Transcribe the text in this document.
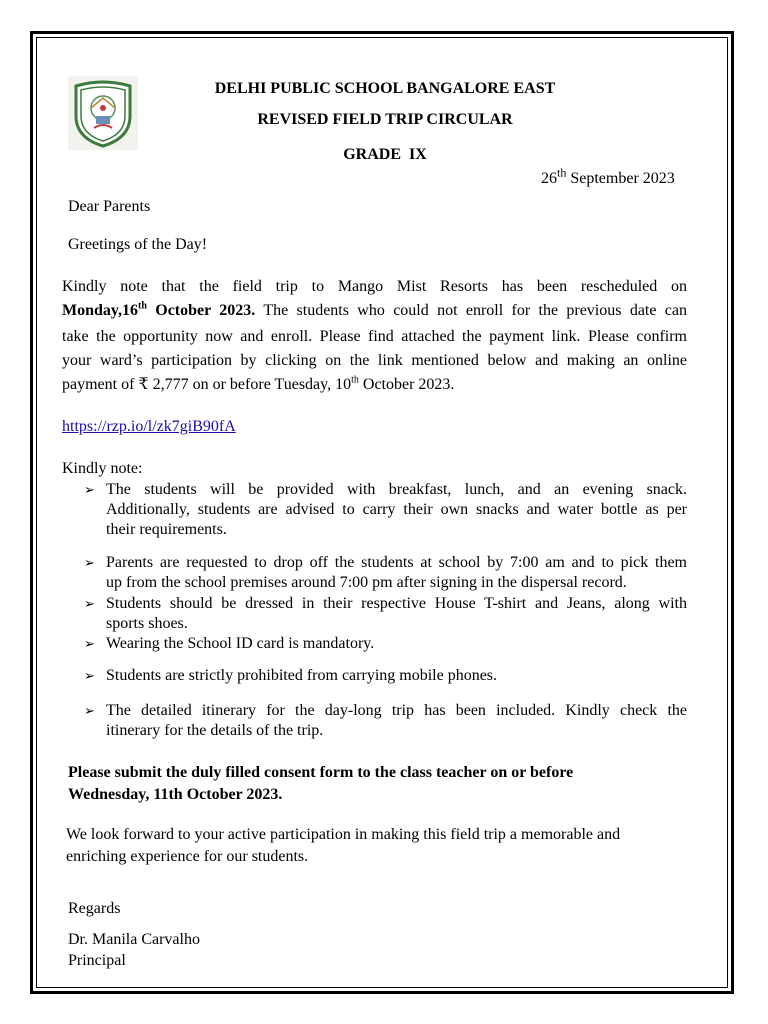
DELHI PUBLIC SCHOOL BANGALORE EAST
REVISED FIELD TRIP CIRCULAR
GRADE  IX
26th September 2023
Dear Parents
Greetings of the Day!
Kindly note that the field trip to Mango Mist Resorts has been rescheduled on
Monday,16th October 2023. The students who could not enroll for the previous date can
take the opportunity now and enroll. Please find attached the payment link. Please confirm
your ward’s participation by clicking on the link mentioned below and making an online
payment of ₹ 2,777 on or before Tuesday, 10th October 2023.
https://rzp.io/l/zk7giB90fA
Kindly note:
➢ The students will be provided with breakfast, lunch, and an evening snack.
Additionally, students are advised to carry their own snacks and water bottle as per
their requirements.
➢ Parents are requested to drop off the students at school by 7:00 am and to pick them
up from the school premises around 7:00 pm after signing in the dispersal record.
➢ Students should be dressed in their respective House T-shirt and Jeans, along with
sports shoes.
➢ Wearing the School ID card is mandatory.
➢ Students are strictly prohibited from carrying mobile phones.
➢ The detailed itinerary for the day-long trip has been included. Kindly check the
itinerary for the details of the trip.
Please submit the duly filled consent form to the class teacher on or before
Wednesday, 11th October 2023.
We look forward to your active participation in making this field trip a memorable and
enriching experience for our students.
Regards
Dr. Manila Carvalho
Principal
